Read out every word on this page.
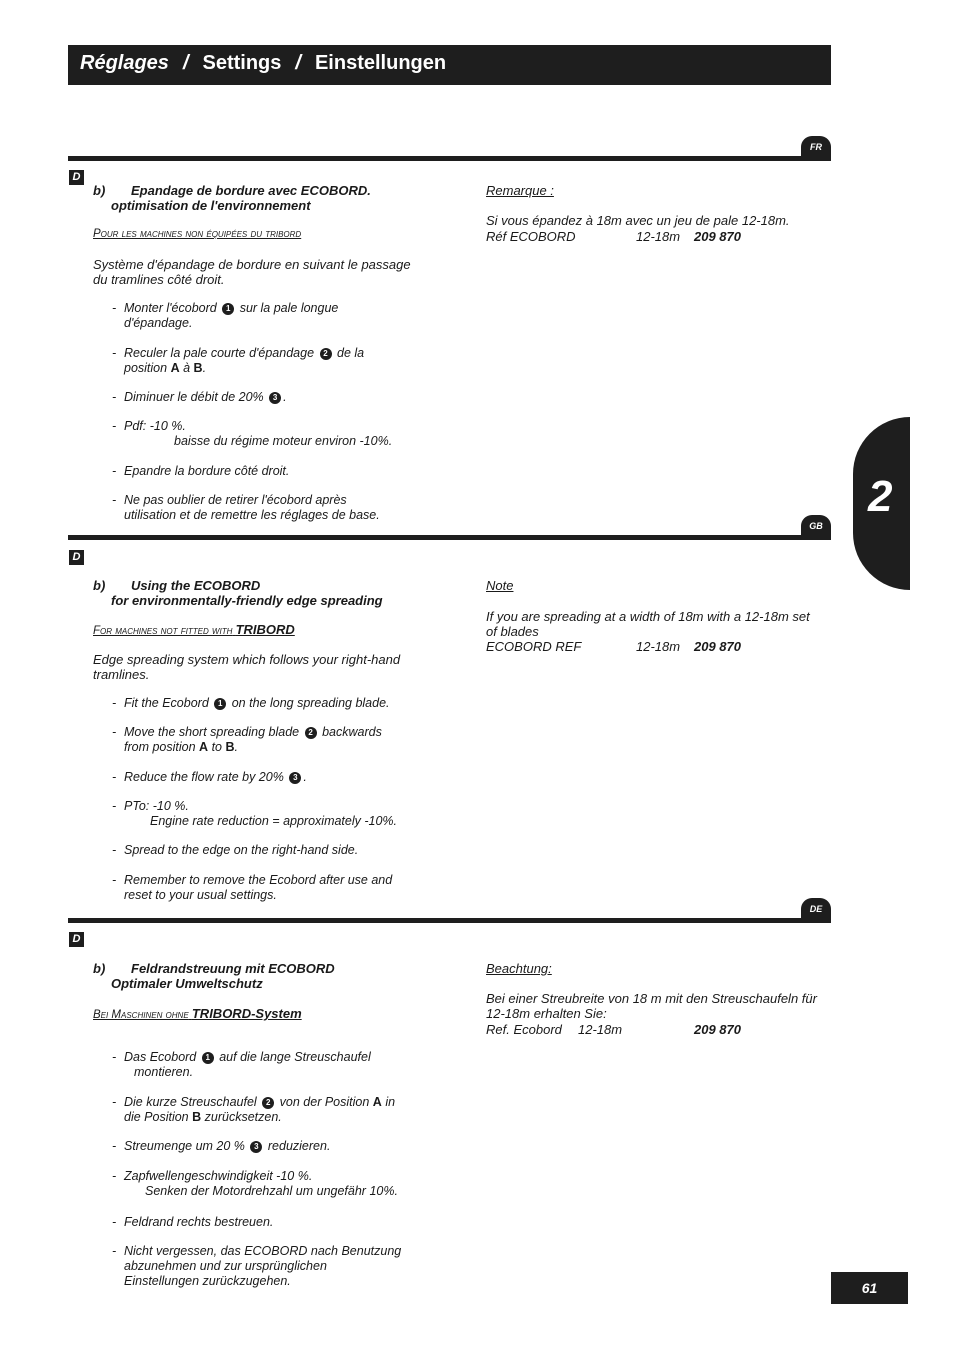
Réglages / Settings / Einstellungen
2
FR
D
b) Epandage de bordure avec ECOBORD.
optimisation de l'environnement
Pour les machines non équipées du tribord
Système d'épandage de bordure en suivant le passage du tramlines côté droit.
- Monter l'écobord 1 sur la pale longue
d'épandage.
- Reculer la pale courte d'épandage 2 de la
position A à B.
- Diminuer le débit de 20% 3 .
- Pdf: -10 %.
baisse du régime moteur environ -10%.
- Epandre la bordure côté droit.
- Ne pas oublier de retirer l'écobord après
utilisation et de remettre les réglages de base.
Remarque :
Si vous épandez à 18m avec un jeu de pale 12-18m.
Réf ECOBORD	12-18m 209 870
GB
D
b) Using the ECOBORD
for environmentally-friendly edge spreading
For machines not fitted with TRIBORD
Edge spreading system which follows your right-hand tramlines.
- Fit the Ecobord 1 on the long spreading blade.
- Move the short spreading blade 2 backwards
from position A to B.
- Reduce the flow rate by 20% 3 .
- PTo: -10 %.
Engine rate reduction = approximately -10%.
- Spread to the edge on the right-hand side.
- Remember to remove the Ecobord after use and
reset to your usual settings.
Note
If you are spreading at a width of 18m with a 12-18m set of blades
ECOBORD REF	12-18m 209 870
DE
D
b) Feldrandstreuung mit ECOBORD
Optimaler Umweltschutz
Bei Maschinen ohne TRIBORD-System
- Das Ecobord 1 auf die lange Streuschaufel
montieren.
- Die kurze Streuschaufel 2 von der Position A in
die Position B zurücksetzen.
- Streumenge um 20 % 3 reduzieren.
- Zapfwellengeschwindigkeit -10 %.
Senken der Motordrehzahl um ungefähr 10%.
- Feldrand rechts bestreuen.
- Nicht vergessen, das ECOBORD nach Benutzung
abzunehmen und zur ursprünglichen
Einstellungen zurückzugehen.
Beachtung:
Bei einer Streubreite von 18 m mit den Streuschaufeln für 12-18m erhalten Sie:
Ref. Ecobord 12-18m	209 870
61
